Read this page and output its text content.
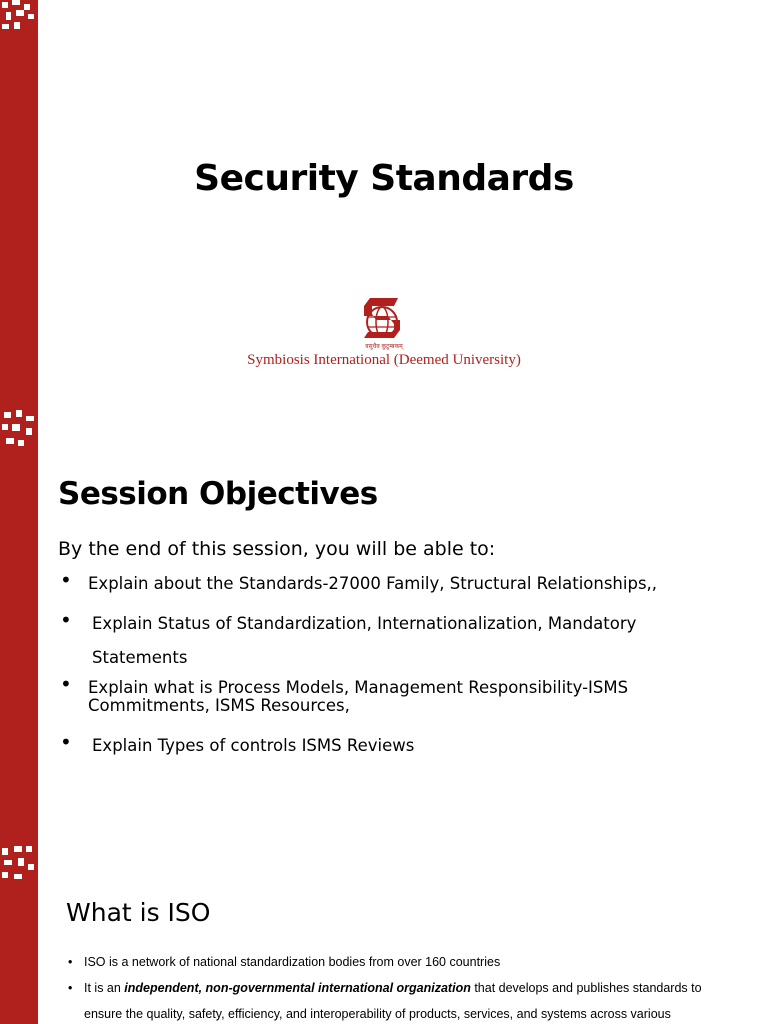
Security Standards
वसुधैव कुटुम्बकम्
Symbiosis International (Deemed University)
Session Objectives
By the end of this session, you will be able to:
• Explain about the Standards-27000 Family, Structural Relationships,,
• Explain Status of Standardization, Internationalization, Mandatory
Statements
• Explain what is Process Models, Management Responsibility-ISMS
Commitments, ISMS Resources,
• Explain Types of controls ISMS Reviews
What is ISO
• ISO is a network of national standardization bodies from over 160 countries
• It is an independent, non-governmental international organization that develops and publishes standards to
ensure the quality, safety, efficiency, and interoperability of products, services, and systems across various
